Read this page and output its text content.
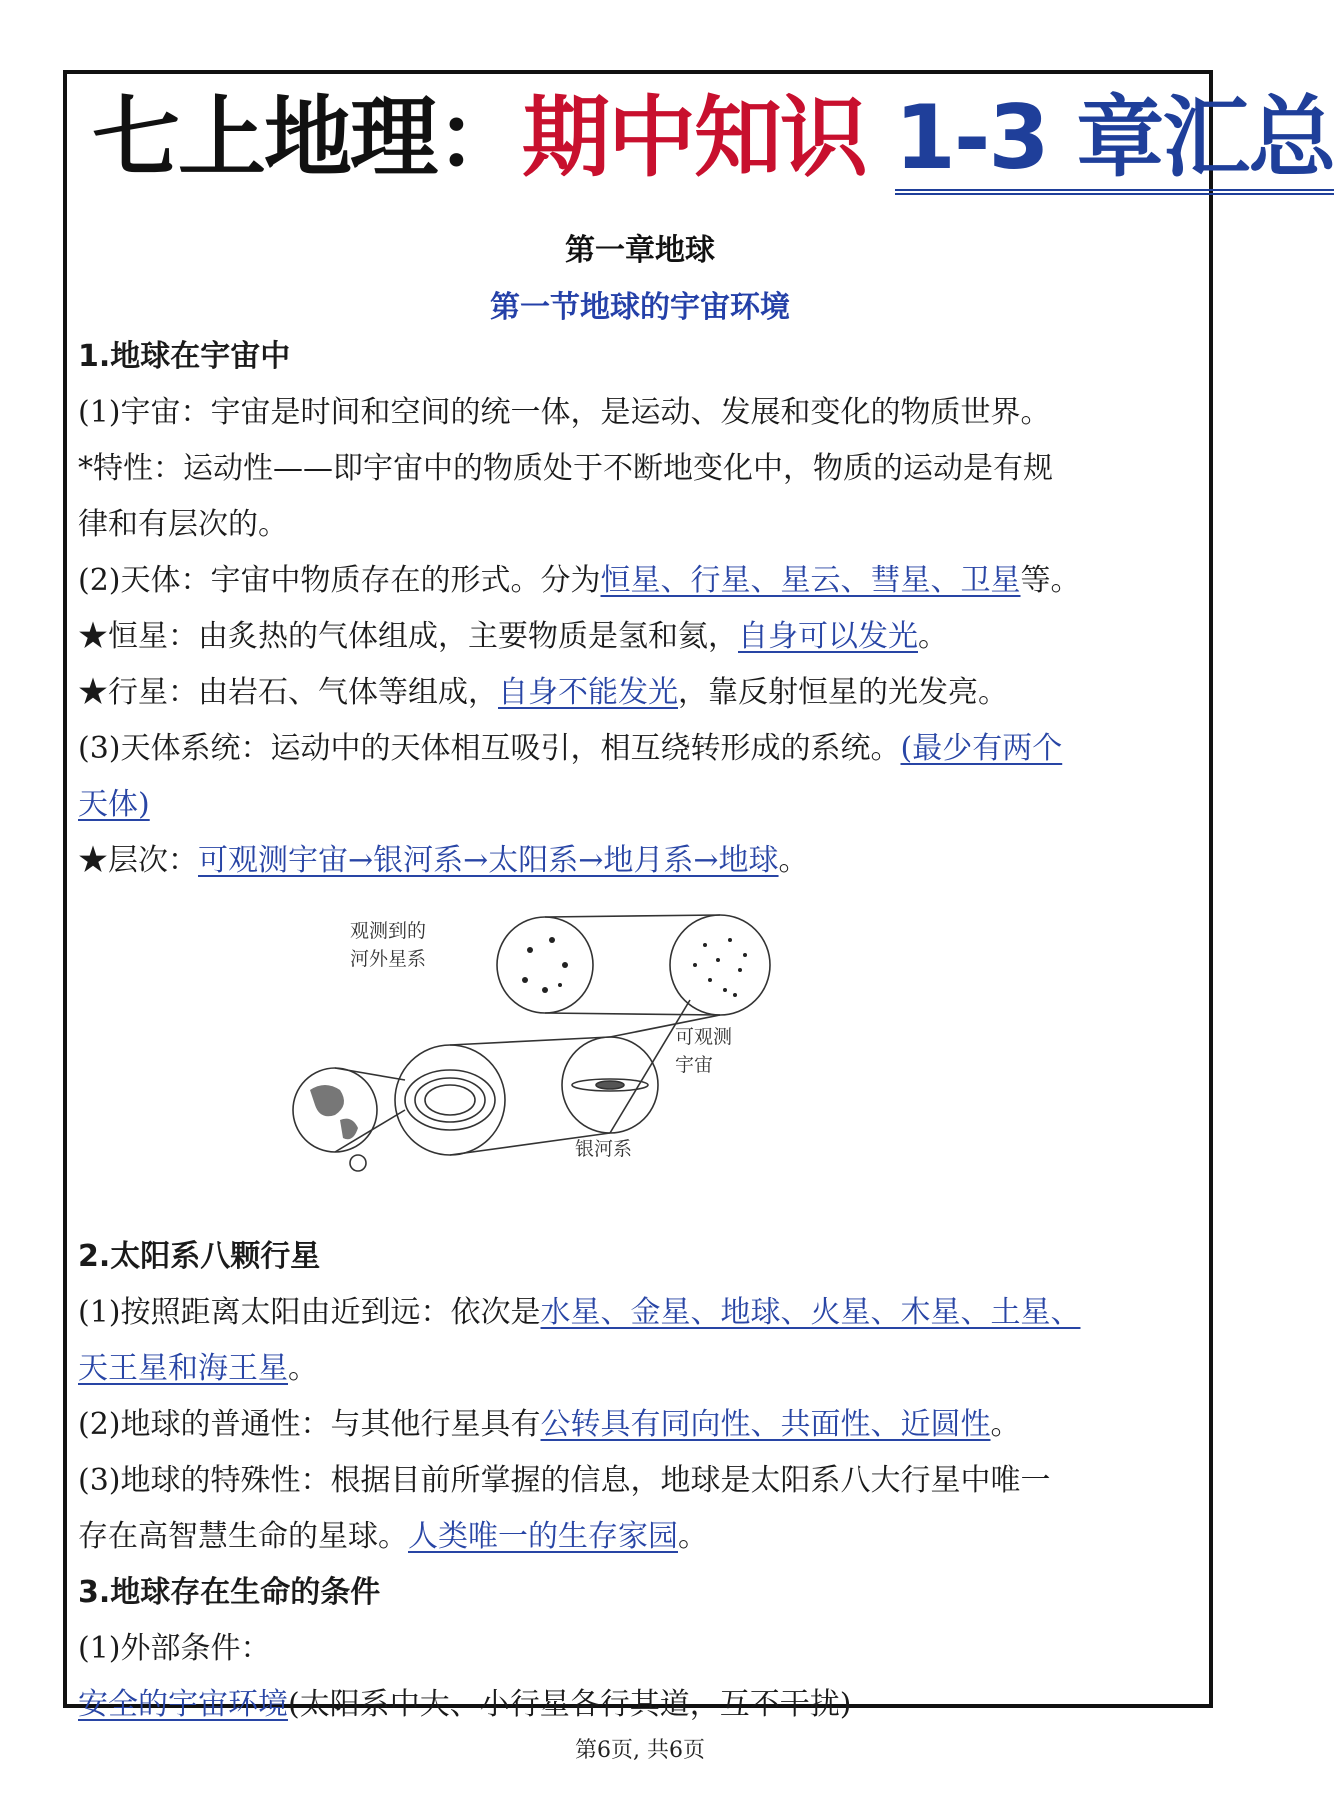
七上地理：期中知识 1-3 章汇总
第一章地球
第一节地球的宇宙环境
1.地球在宇宙中
(1)宇宙：宇宙是时间和空间的统一体，是运动、发展和变化的物质世界。
*特性：运动性——即宇宙中的物质处于不断地变化中，物质的运动是有规
律和有层次的。
(2)天体：宇宙中物质存在的形式。分为恒星、行星、星云、彗星、卫星等。
★恒星：由炙热的气体组成，主要物质是氢和氦，自身可以发光。
★行星：由岩石、气体等组成，自身不能发光，靠反射恒星的光发亮。
(3)天体系统：运动中的天体相互吸引，相互绕转形成的系统。(最少有两个
天体)
★层次：可观测宇宙→银河系→太阳系→地月系→地球。
观测到的
河外星系
可观测
宇宙
银河系
2.太阳系八颗行星
(1)按照距离太阳由近到远：依次是水星、金星、地球、火星、木星、土星、
天王星和海王星。
(2)地球的普通性：与其他行星具有公转具有同向性、共面性、近圆性。
(3)地球的特殊性：根据目前所掌握的信息，地球是太阳系八大行星中唯一
存在高智慧生命的星球。人类唯一的生存家园。
3.地球存在生命的条件
(1)外部条件：
安全的宇宙环境(太阳系中大、小行星各行其道，互不干扰)
第6页, 共6页
